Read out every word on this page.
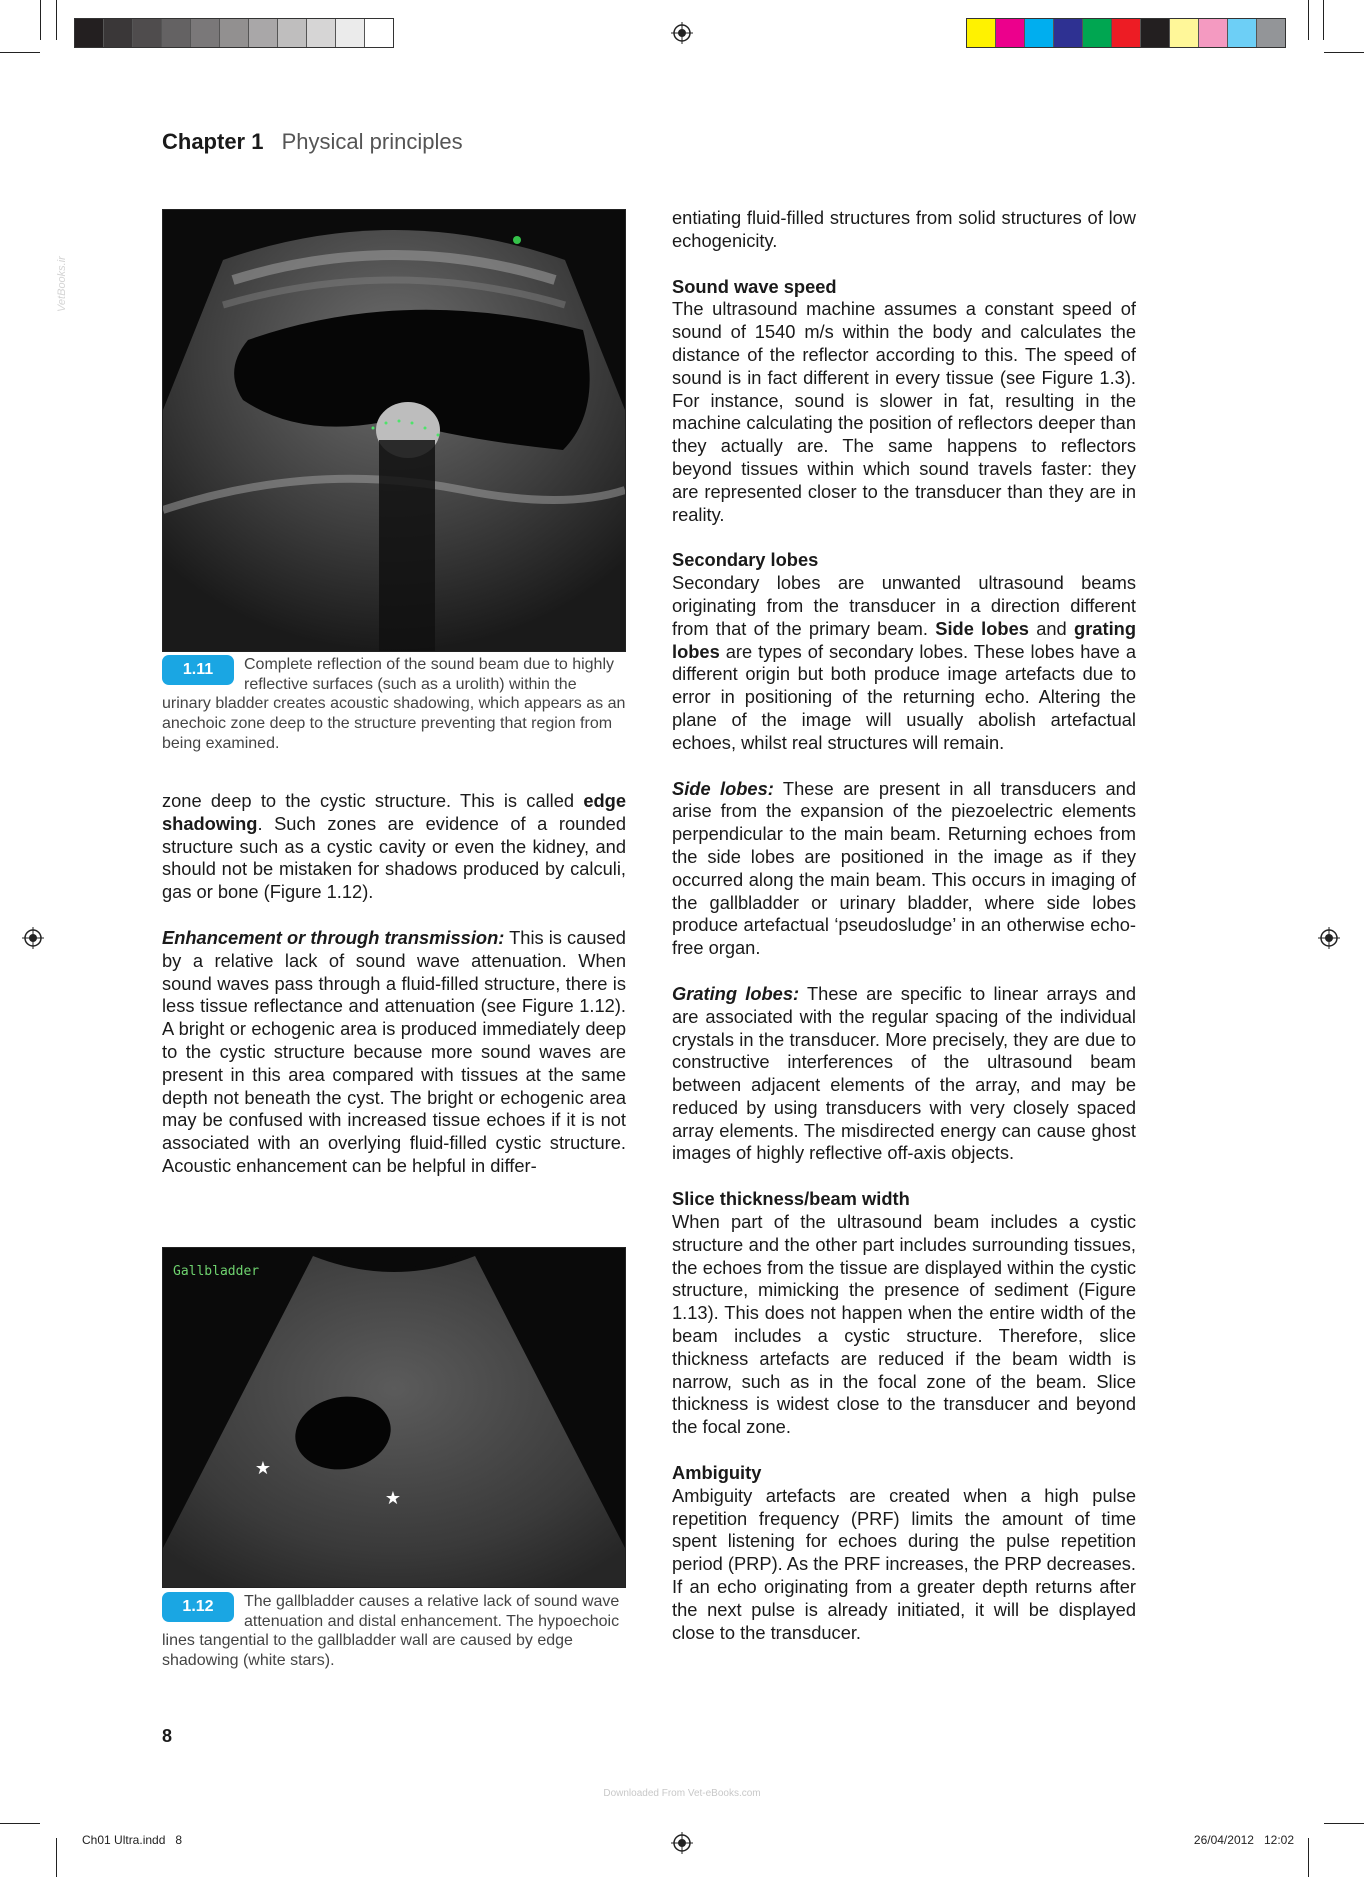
VetBooks.ir
Chapter 1 Physical principles
1.11	Complete reflection of the sound beam due to highly reflective surfaces (such as a urolith) within the urinary bladder creates acoustic shadowing, which appears as an anechoic zone deep to the structure preventing that region from being examined.
★
★
Gallbladder
1.12	The gallbladder causes a relative lack of sound wave attenuation and distal enhancement. The hypoechoic lines tangential to the gallbladder wall are caused by edge shadowing (white stars).

zone deep to the cystic structure. This is called edge shadowing. Such zones are evidence of a rounded structure such as a cystic cavity or even the kidney, and should not be mistaken for shadows produced by calculi, gas or bone (Figure 1.12).

Enhancement or through transmission: This is caused by a relative lack of sound wave attenuation. When sound waves pass through a fluid-filled structure, there is less tissue reflectance and attenuation (see Figure 1.12). A bright or echogenic area is produced immediately deep to the cystic structure because more sound waves are present in this area compared with tissues at the same depth not beneath the cyst. The bright or echogenic area may be confused with increased tissue echoes if it is not associated with an overlying fluid-filled cystic structure. Acoustic enhancement can be helpful in differ-

entiating fluid-filled structures from solid structures of low echogenicity.

Sound wave speed

The ultrasound machine assumes a constant speed of sound of 1540 m/s within the body and calculates the distance of the reflector according to this. The speed of sound is in fact different in every tissue (see Figure 1.3). For instance, sound is slower in fat, resulting in the machine calculating the position of reflectors deeper than they actually are. The same happens to reflectors beyond tissues within which sound travels faster: they are represented closer to the transducer than they are in reality.

Secondary lobes

Secondary lobes are unwanted ultrasound beams originating from the transducer in a direction different from that of the primary beam. Side lobes and grating lobes are types of secondary lobes. These lobes have a different origin but both produce image artefacts due to error in positioning of the returning echo. Altering the plane of the image will usually abolish artefactual echoes, whilst real structures will remain.

Side lobes: These are present in all transducers and arise from the expansion of the piezoelectric elements perpendicular to the main beam. Returning echoes from the side lobes are positioned in the image as if they occurred along the main beam. This occurs in imaging of the gallbladder or urinary bladder, where side lobes produce artefactual ‘pseudosludge’ in an otherwise echo-free organ.

Grating lobes: These are specific to linear arrays and are associated with the regular spacing of the individual crystals in the transducer. More precisely, they are due to constructive interferences of the ultrasound beam between adjacent elements of the array, and may be reduced by using transducers with very closely spaced array elements. The misdirected energy can cause ghost images of highly reflective off-axis objects.

Slice thickness/beam width

When part of the ultrasound beam includes a cystic structure and the other part includes surrounding tissues, the echoes from the tissue are displayed within the cystic structure, mimicking the presence of sediment (Figure 1.13). This does not happen when the entire width of the beam includes a cystic structure. Therefore, slice thickness artefacts are reduced if the beam width is narrow, such as in the focal zone of the beam. Slice thickness is widest close to the transducer and beyond the focal zone.

Ambiguity

Ambiguity artefacts are created when a high pulse repetition frequency (PRF) limits the amount of time spent listening for echoes during the pulse repetition period (PRP). As the PRF increases, the PRP decreases. If an echo originating from a greater depth returns after the next pulse is already initiated, it will be displayed close to the transducer.

8
Downloaded From Vet-eBooks.com
Ch01 Ultra.indd   8	26/04/2012   12:02
